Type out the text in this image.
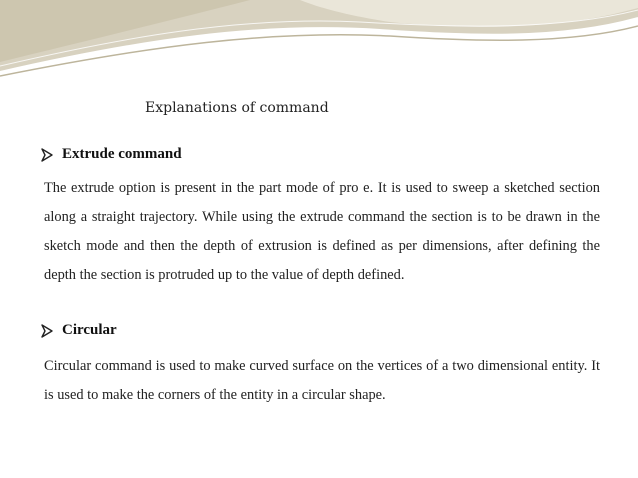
Explanations of command
Extrude command
The extrude option is present in the part mode of pro e. It is used to sweep a sketched section along a straight trajectory. While using the extrude command the section is to be drawn in the sketch mode and then the depth of extrusion is defined as per dimensions, after defining the depth the section is protruded up to the value of depth defined.
Circular
Circular command is used to make curved surface on the vertices of a two dimensional entity. It is used to make the corners of the entity in a circular shape.
